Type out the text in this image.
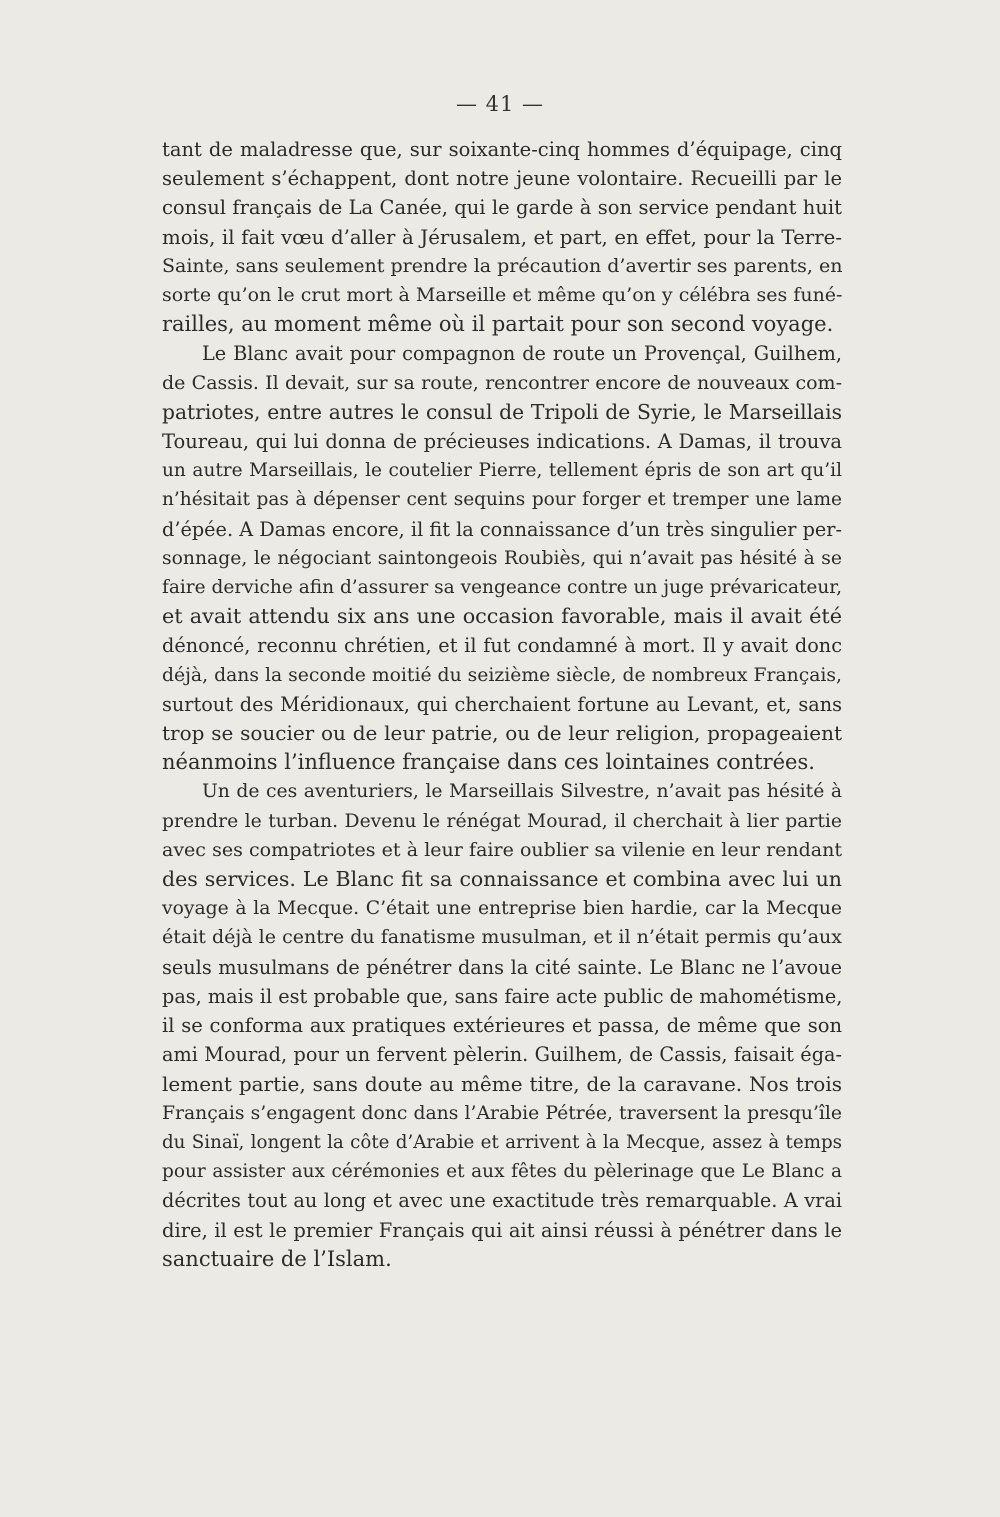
— 41 —
tant de maladresse que, sur soixante-cinq hommes d’équipage, cinq
seulement s’échappent, dont notre jeune volontaire. Recueilli par le
consul français de La Canée, qui le garde à son service pendant huit
mois, il fait vœu d’aller à Jérusalem, et part, en effet, pour la Terre-
Sainte, sans seulement prendre la précaution d’avertir ses parents, en
sorte qu’on le crut mort à Marseille et même qu’on y célébra ses funé-
railles, au moment même où il partait pour son second voyage.
Le Blanc avait pour compagnon de route un Provençal, Guilhem,
de Cassis. Il devait, sur sa route, rencontrer encore de nouveaux com-
patriotes, entre autres le consul de Tripoli de Syrie, le Marseillais
Toureau, qui lui donna de précieuses indications. A Damas, il trouva
un autre Marseillais, le coutelier Pierre, tellement épris de son art qu’il
n’hésitait pas à dépenser cent sequins pour forger et tremper une lame
d’épée. A Damas encore, il fit la connaissance d’un très singulier per-
sonnage, le négociant saintongeois Roubiès, qui n’avait pas hésité à se
faire derviche afin d’assurer sa vengeance contre un juge prévaricateur,
et avait attendu six ans une occasion favorable, mais il avait été
dénoncé, reconnu chrétien, et il fut condamné à mort. Il y avait donc
déjà, dans la seconde moitié du seizième siècle, de nombreux Français,
surtout des Méridionaux, qui cherchaient fortune au Levant, et, sans
trop se soucier ou de leur patrie, ou de leur religion, propageaient
néanmoins l’influence française dans ces lointaines contrées.
Un de ces aventuriers, le Marseillais Silvestre, n’avait pas hésité à
prendre le turban. Devenu le rénégat Mourad, il cherchait à lier partie
avec ses compatriotes et à leur faire oublier sa vilenie en leur rendant
des services. Le Blanc fit sa connaissance et combina avec lui un
voyage à la Mecque. C’était une entreprise bien hardie, car la Mecque
était déjà le centre du fanatisme musulman, et il n’était permis qu’aux
seuls musulmans de pénétrer dans la cité sainte. Le Blanc ne l’avoue
pas, mais il est probable que, sans faire acte public de mahométisme,
il se conforma aux pratiques extérieures et passa, de même que son
ami Mourad, pour un fervent pèlerin. Guilhem, de Cassis, faisait éga-
lement partie, sans doute au même titre, de la caravane. Nos trois
Français s’engagent donc dans l’Arabie Pétrée, traversent la presqu’île
du Sinaï, longent la côte d’Arabie et arrivent à la Mecque, assez à temps
pour assister aux cérémonies et aux fêtes du pèlerinage que Le Blanc a
décrites tout au long et avec une exactitude très remarquable. A vrai
dire, il est le premier Français qui ait ainsi réussi à pénétrer dans le
sanctuaire de l’Islam.
